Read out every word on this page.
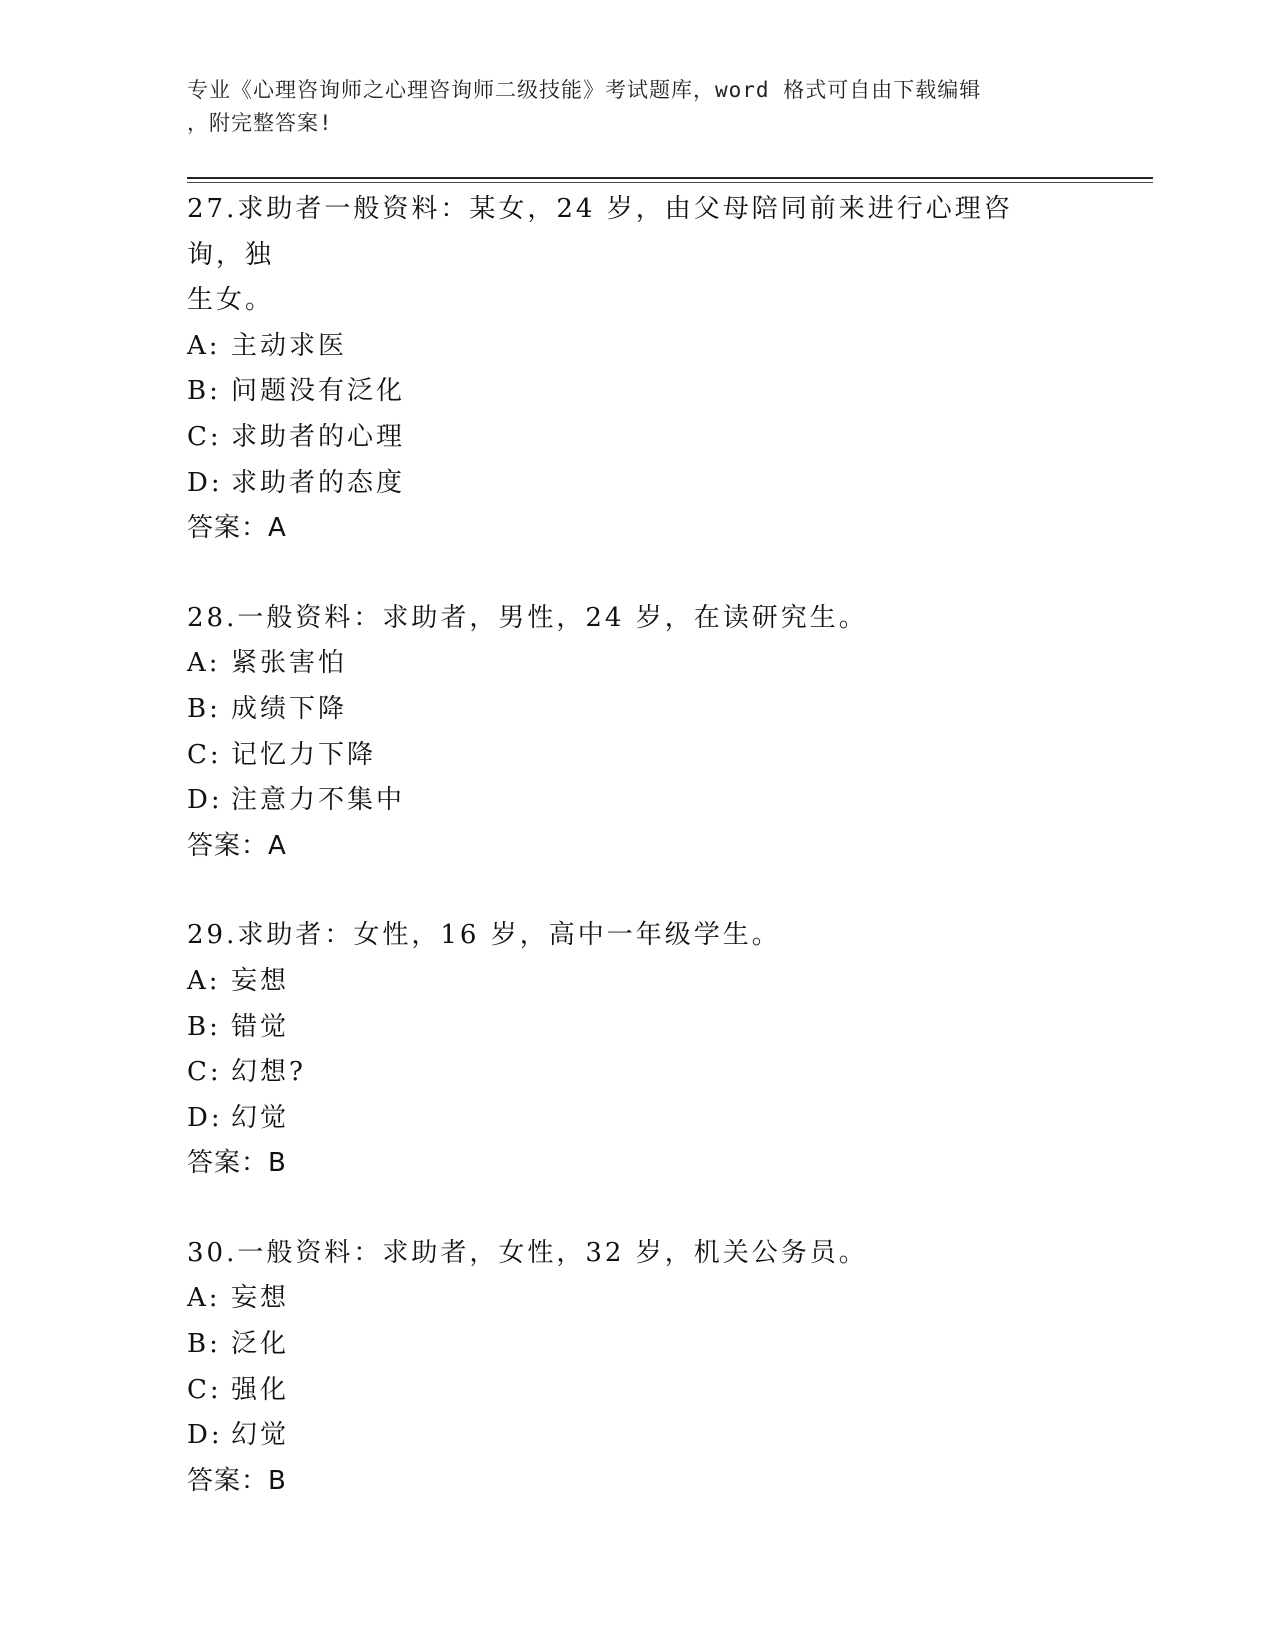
专业《心理咨询师之心理咨询师二级技能》考试题库，word 格式可自由下载编辑
，附完整答案!
27.求助者一般资料：某女，24 岁，由父母陪同前来进行心理咨询，独
生女。
A: 主动求医
B: 问题没有泛化
C: 求助者的心理
D: 求助者的态度
答案：A
28.一般资料：求助者，男性，24 岁，在读研究生。
A: 紧张害怕
B: 成绩下降
C: 记忆力下降
D: 注意力不集中
答案：A
29.求助者：女性，16 岁，高中一年级学生。
A: 妄想
B: 错觉
C: 幻想?
D: 幻觉
答案：B
30.一般资料：求助者，女性，32 岁，机关公务员。
A: 妄想
B: 泛化
C: 强化
D: 幻觉
答案：B
